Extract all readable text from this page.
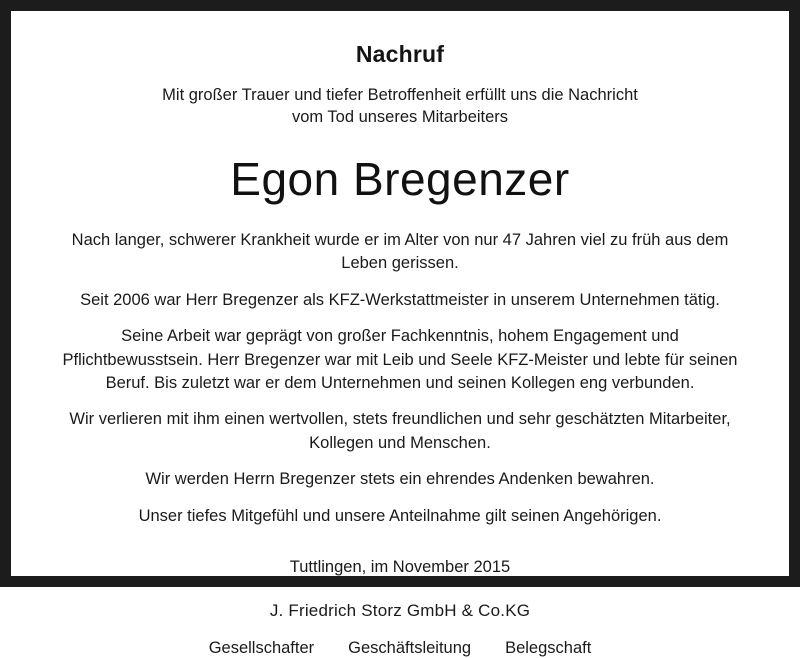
Nachruf
Mit großer Trauer und tiefer Betroffenheit erfüllt uns die Nachricht
vom Tod unseres Mitarbeiters
Egon Bregenzer

Nach langer, schwerer Krankheit wurde er im Alter von nur 47 Jahren viel zu früh aus dem Leben gerissen.

Seit 2006 war Herr Bregenzer als KFZ-Werkstattmeister in unserem Unternehmen tätig.

Seine Arbeit war geprägt von großer Fachkenntnis, hohem Engagement und Pflichtbewusstsein. Herr Bregenzer war mit Leib und Seele KFZ-Meister und lebte für seinen Beruf. Bis zuletzt war er dem Unternehmen und seinen Kollegen eng verbunden.

Wir verlieren mit ihm einen wertvollen, stets freundlichen und sehr geschätzten Mitarbeiter, Kollegen und Menschen.

Wir werden Herrn Bregenzer stets ein ehrendes Andenken bewahren.

Unser tiefes Mitgefühl und unsere Anteilnahme gilt seinen Angehörigen.

Tuttlingen, im November 2015
J. Friedrich Storz GmbH & Co.KG
Gesellschafter Geschäftsleitung Belegschaft
